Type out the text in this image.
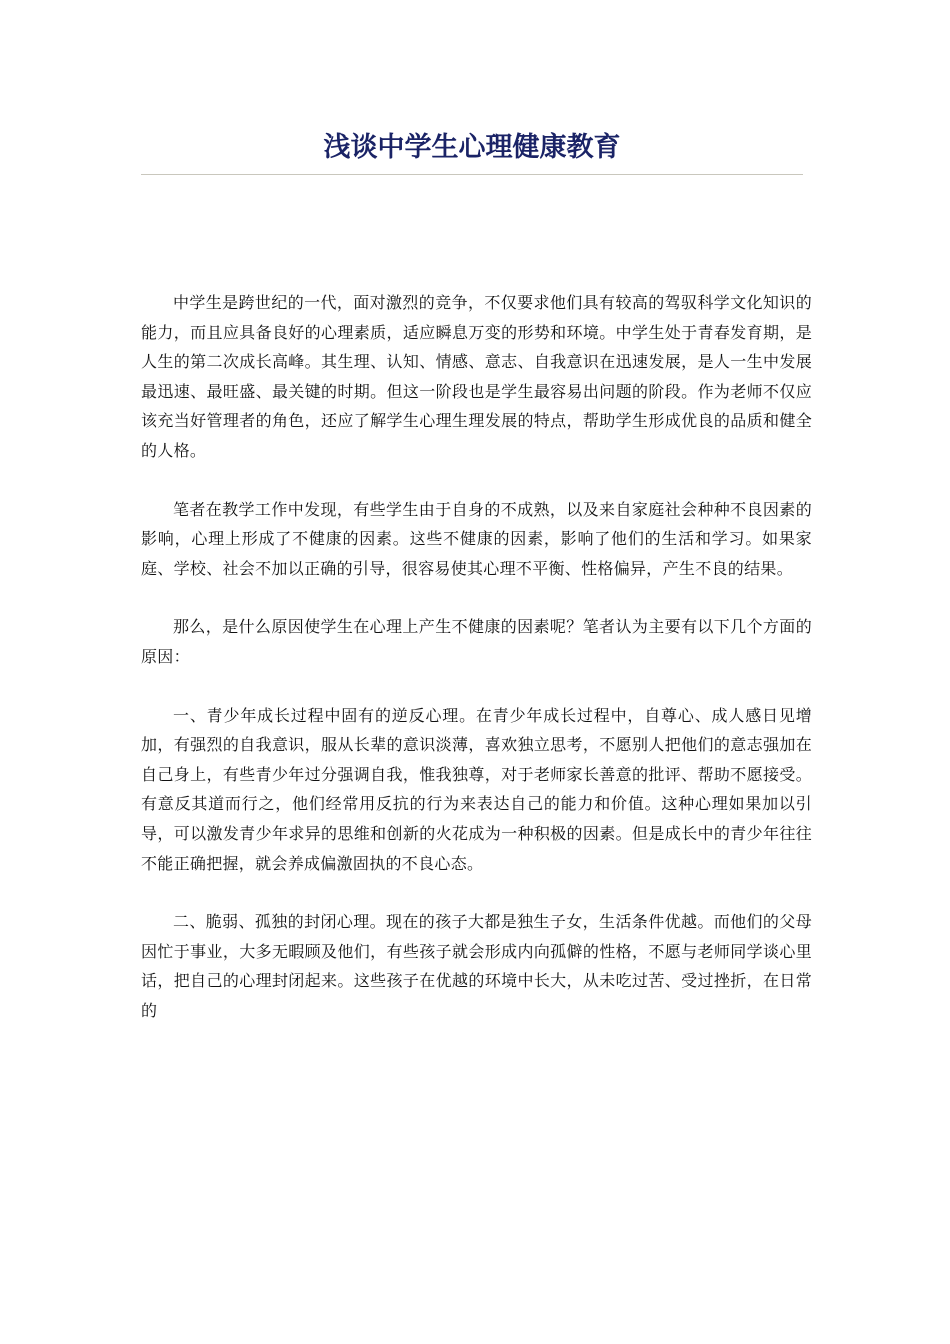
浅谈中学生心理健康教育

中学生是跨世纪的一代，面对激烈的竞争，不仅要求他们具有较高的驾驭科学文化知识的能力，而且应具备良好的心理素质，适应瞬息万变的形势和环境。中学生处于青春发育期，是人生的第二次成长高峰。其生理、认知、情感、意志、自我意识在迅速发展，是人一生中发展最迅速、最旺盛、最关键的时期。但这一阶段也是学生最容易出问题的阶段。作为老师不仅应该充当好管理者的角色，还应了解学生心理生理发展的特点，帮助学生形成优良的品质和健全的人格。

笔者在教学工作中发现，有些学生由于自身的不成熟，以及来自家庭社会种种不良因素的影响，心理上形成了不健康的因素。这些不健康的因素，影响了他们的生活和学习。如果家庭、学校、社会不加以正确的引导，很容易使其心理不平衡、性格偏异，产生不良的结果。

那么，是什么原因使学生在心理上产生不健康的因素呢？笔者认为主要有以下几个方面的原因：

一、青少年成长过程中固有的逆反心理。在青少年成长过程中，自尊心、成人感日见增加，有强烈的自我意识，服从长辈的意识淡薄，喜欢独立思考，不愿别人把他们的意志强加在自己身上，有些青少年过分强调自我，惟我独尊，对于老师家长善意的批评、帮助不愿接受。有意反其道而行之，他们经常用反抗的行为来表达自己的能力和价值。这种心理如果加以引导，可以激发青少年求异的思维和创新的火花成为一种积极的因素。但是成长中的青少年往往不能正确把握，就会养成偏激固执的不良心态。

二、脆弱、孤独的封闭心理。现在的孩子大都是独生子女，生活条件优越。而他们的父母因忙于事业，大多无暇顾及他们，有些孩子就会形成内向孤僻的性格，不愿与老师同学谈心里话，把自己的心理封闭起来。这些孩子在优越的环境中长大，从未吃过苦、受过挫折，在日常的
